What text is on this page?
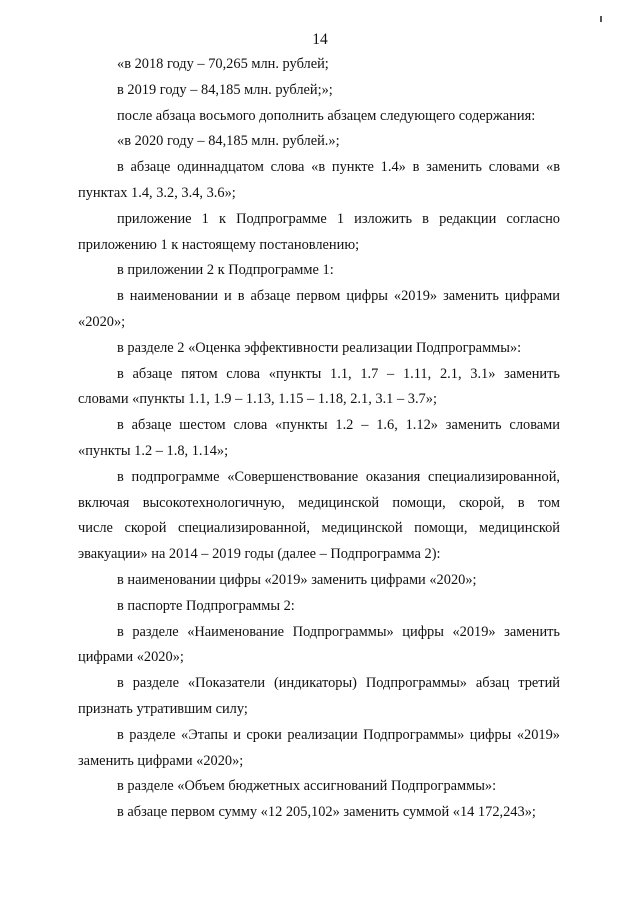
14
«в 2018 году – 70,265 млн. рублей;
в 2019 году – 84,185 млн. рублей;»;
после абзаца восьмого дополнить абзацем следующего содержания:
«в 2020 году – 84,185 млн. рублей.»;
в абзаце одиннадцатом слова «в пункте 1.4» в заменить словами «в
пунктах 1.4, 3.2, 3.4, 3.6»;
приложение 1 к Подпрограмме 1 изложить в редакции согласно
приложению 1 к настоящему постановлению;
в приложении 2 к Подпрограмме 1:
в наименовании и в абзаце первом цифры «2019» заменить цифрами
«2020»;
в разделе 2 «Оценка эффективности реализации Подпрограммы»:
в абзаце пятом слова «пункты 1.1, 1.7 – 1.11, 2.1, 3.1» заменить
словами «пункты 1.1, 1.9 – 1.13, 1.15 – 1.18, 2.1, 3.1 – 3.7»;
в абзаце шестом слова «пункты 1.2 – 1.6, 1.12» заменить словами
«пункты 1.2 – 1.8, 1.14»;
в подпрограмме «Совершенствование оказания специализированной,
включая высокотехнологичную, медицинской помощи, скорой, в том
числе скорой специализированной, медицинской помощи, медицинской
эвакуации» на 2014 – 2019 годы (далее – Подпрограмма 2):
в наименовании цифры «2019» заменить цифрами «2020»;
в паспорте Подпрограммы 2:
в разделе «Наименование Подпрограммы» цифры «2019» заменить
цифрами «2020»;
в разделе «Показатели (индикаторы) Подпрограммы» абзац третий
признать утратившим силу;
в разделе «Этапы и сроки реализации Подпрограммы» цифры «2019»
заменить цифрами «2020»;
в разделе «Объем бюджетных ассигнований Подпрограммы»:
в абзаце первом сумму «12 205,102» заменить суммой «14 172,243»;
